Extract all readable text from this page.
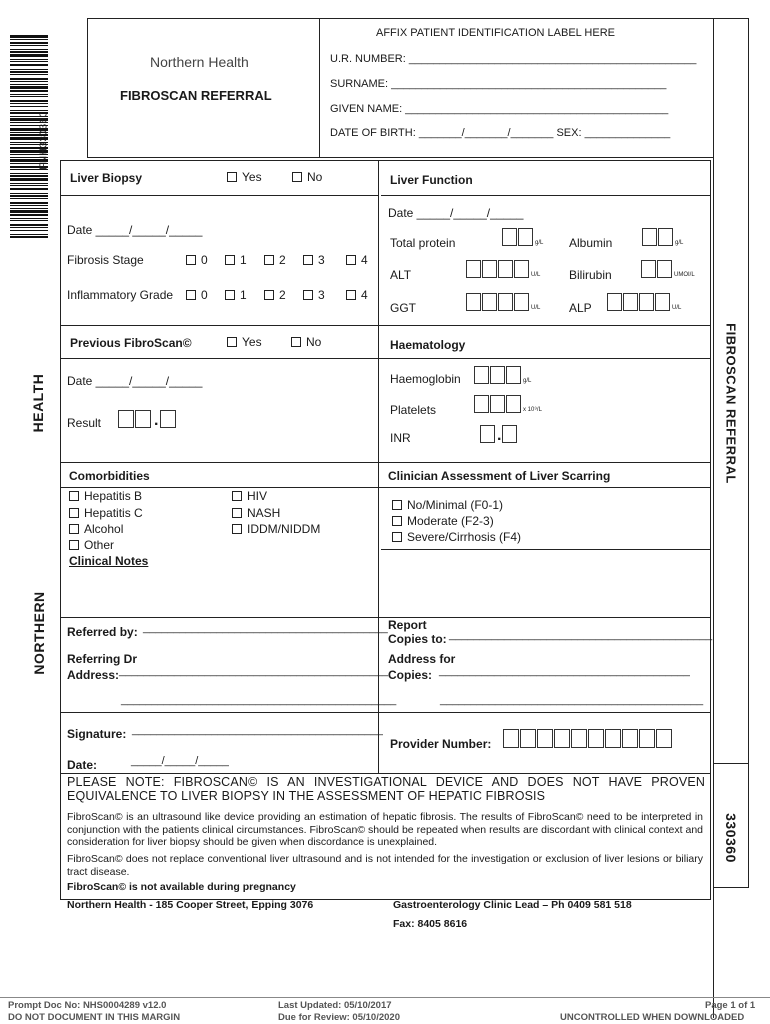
FNH330360
HEALTH
NORTHERN
FIBROSCAN REFERRAL
330360
Northern Health
FIBROSCAN REFERRAL
AFFIX PATIENT IDENTIFICATION LABEL HERE
U.R. NUMBER: _______________________________________________
SURNAME: _____________________________________________
GIVEN NAME: ___________________________________________
DATE OF BIRTH: _______/_______/_______ SEX: ______________
Liver Biopsy	Yes	No
Date _____/_____/_____
Fibrosis Stage	0	1	2	3	4
Inflammatory Grade	0	1	2	3	4
Liver Function
Date _____/_____/_____
Total protein	$_{g/L}$ Albumin	$_{g/L}$
ALT	$_{U/L}$ Bilirubin	$_{UMOI/L}$
GGT	$_{U/L}$ ALP	$_{U/L}$
Previous FibroScan©	Yes	No
Date _____/_____/_____
Result	.
Haematology
Haemoglobin	$_{g/L}$
Platelets	$_{x 10^9/L}$
INR	.
Comorbidities
Hepatitis B
Hepatitis C
Alcohol
Other
HIV
NASH
IDDM/NIDDM
Clinician Assessment of Liver Scarring
No/Minimal (F0-1)
Moderate (F2-3)
Severe/Cirrhosis (F4)
Clinical Notes
Referred by: ________________________________________ Report
Copies to: ___________________________________________
Referring Dr
Address: ____________________________________________
_____________________________________________
Address for
Copies: _________________________________________
___________________________________________
Signature: _________________________________________
Date:	_____/_____/_____
Provider Number:
PLEASE NOTE: FIBROSCAN© IS AN INVESTIGATIONAL DEVICE AND DOES NOT HAVE PROVEN EQUIVALENCE TO LIVER BIOPSY IN THE ASSESSMENT OF HEPATIC FIBROSIS
FibroScan© is an ultrasound like device providing an estimation of hepatic fibrosis. The results of FibroScan© need to be interpreted in conjunction with the patients clinical circumstances. FibroScan© should be repeated when results are discordant with clinical context and consideration for liver biopsy should be given when discordance is unexplained.
FibroScan© does not replace conventional liver ultrasound and is not intended for the investigation or exclusion of liver lesions or biliary tract disease.
FibroScan© is not available during pregnancy
Northern Health - 185 Cooper Street, Epping 3076	Gastroenterology Clinic Lead – Ph 0409 581 518
Fax: 8405 8616
Prompt Doc No: NHS0004289 v12.0
DO NOT DOCUMENT IN THIS MARGIN
Last Updated: 05/10/2017
Due for Review: 05/10/2020
Page 1 of 1
UNCONTROLLED WHEN DOWNLOADED
